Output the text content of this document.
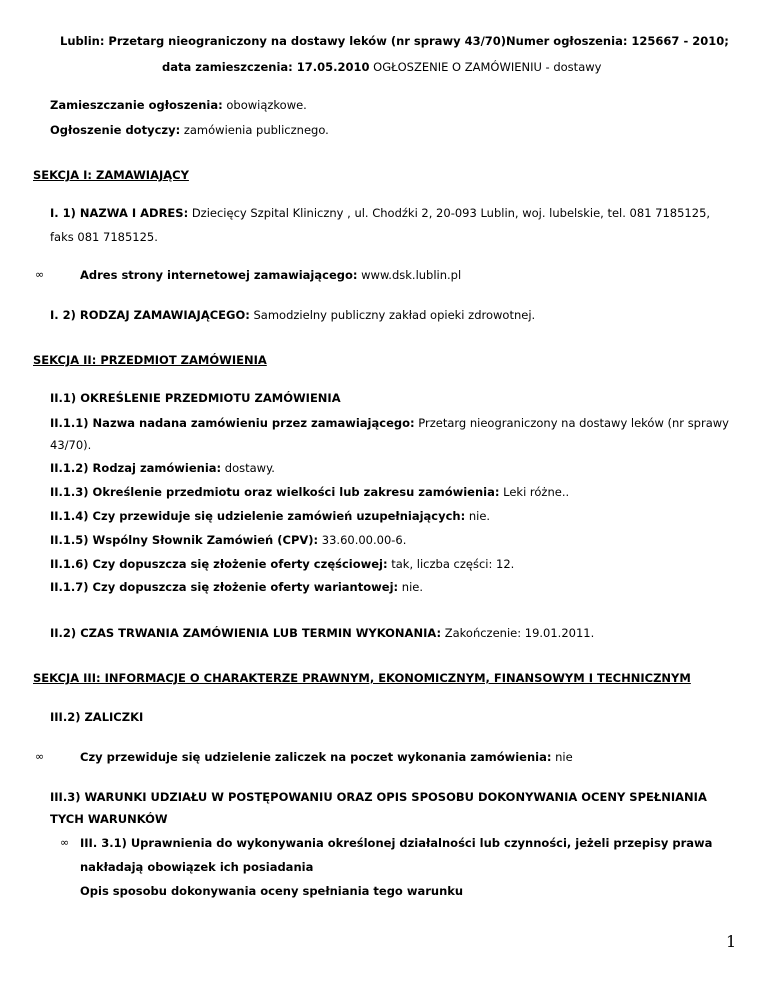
Lublin: Przetarg nieograniczony na dostawy leków (nr sprawy 43/70)Numer ogłoszenia: 125667 - 2010;
data zamieszczenia: 17.05.2010 OGŁOSZENIE O ZAMÓWIENIU - dostawy
Zamieszczanie ogłoszenia: obowiązkowe.
Ogłoszenie dotyczy: zamówienia publicznego.
SEKCJA I: ZAMAWIAJĄCY
I. 1) NAZWA I ADRES: Dziecięcy Szpital Kliniczny , ul. Chodźki 2, 20-093 Lublin, woj. lubelskie, tel. 081 7185125,
faks 081 7185125.
∞	Adres strony internetowej zamawiającego: www.dsk.lublin.pl
I. 2) RODZAJ ZAMAWIAJĄCEGO: Samodzielny publiczny zakład opieki zdrowotnej.
SEKCJA II: PRZEDMIOT ZAMÓWIENIA
II.1) OKREŚLENIE PRZEDMIOTU ZAMÓWIENIA
II.1.1) Nazwa nadana zamówieniu przez zamawiającego: Przetarg nieograniczony na dostawy leków (nr sprawy
43/70).
II.1.2) Rodzaj zamówienia: dostawy.
II.1.3) Określenie przedmiotu oraz wielkości lub zakresu zamówienia: Leki różne..
II.1.4) Czy przewiduje się udzielenie zamówień uzupełniających: nie.
II.1.5) Wspólny Słownik Zamówień (CPV): 33.60.00.00-6.
II.1.6) Czy dopuszcza się złożenie oferty częściowej: tak, liczba części: 12.
II.1.7) Czy dopuszcza się złożenie oferty wariantowej: nie.
II.2) CZAS TRWANIA ZAMÓWIENIA LUB TERMIN WYKONANIA: Zakończenie: 19.01.2011.
SEKCJA III: INFORMACJE O CHARAKTERZE PRAWNYM, EKONOMICZNYM, FINANSOWYM I TECHNICZNYM
III.2) ZALICZKI
∞	Czy przewiduje się udzielenie zaliczek na poczet wykonania zamówienia: nie
III.3) WARUNKI UDZIAŁU W POSTĘPOWANIU ORAZ OPIS SPOSOBU DOKONYWANIA OCENY SPEŁNIANIA
TYCH WARUNKÓW
∞ III. 3.1) Uprawnienia do wykonywania określonej działalności lub czynności, jeżeli przepisy prawa
nakładają obowiązek ich posiadania
Opis sposobu dokonywania oceny spełniania tego warunku
1
